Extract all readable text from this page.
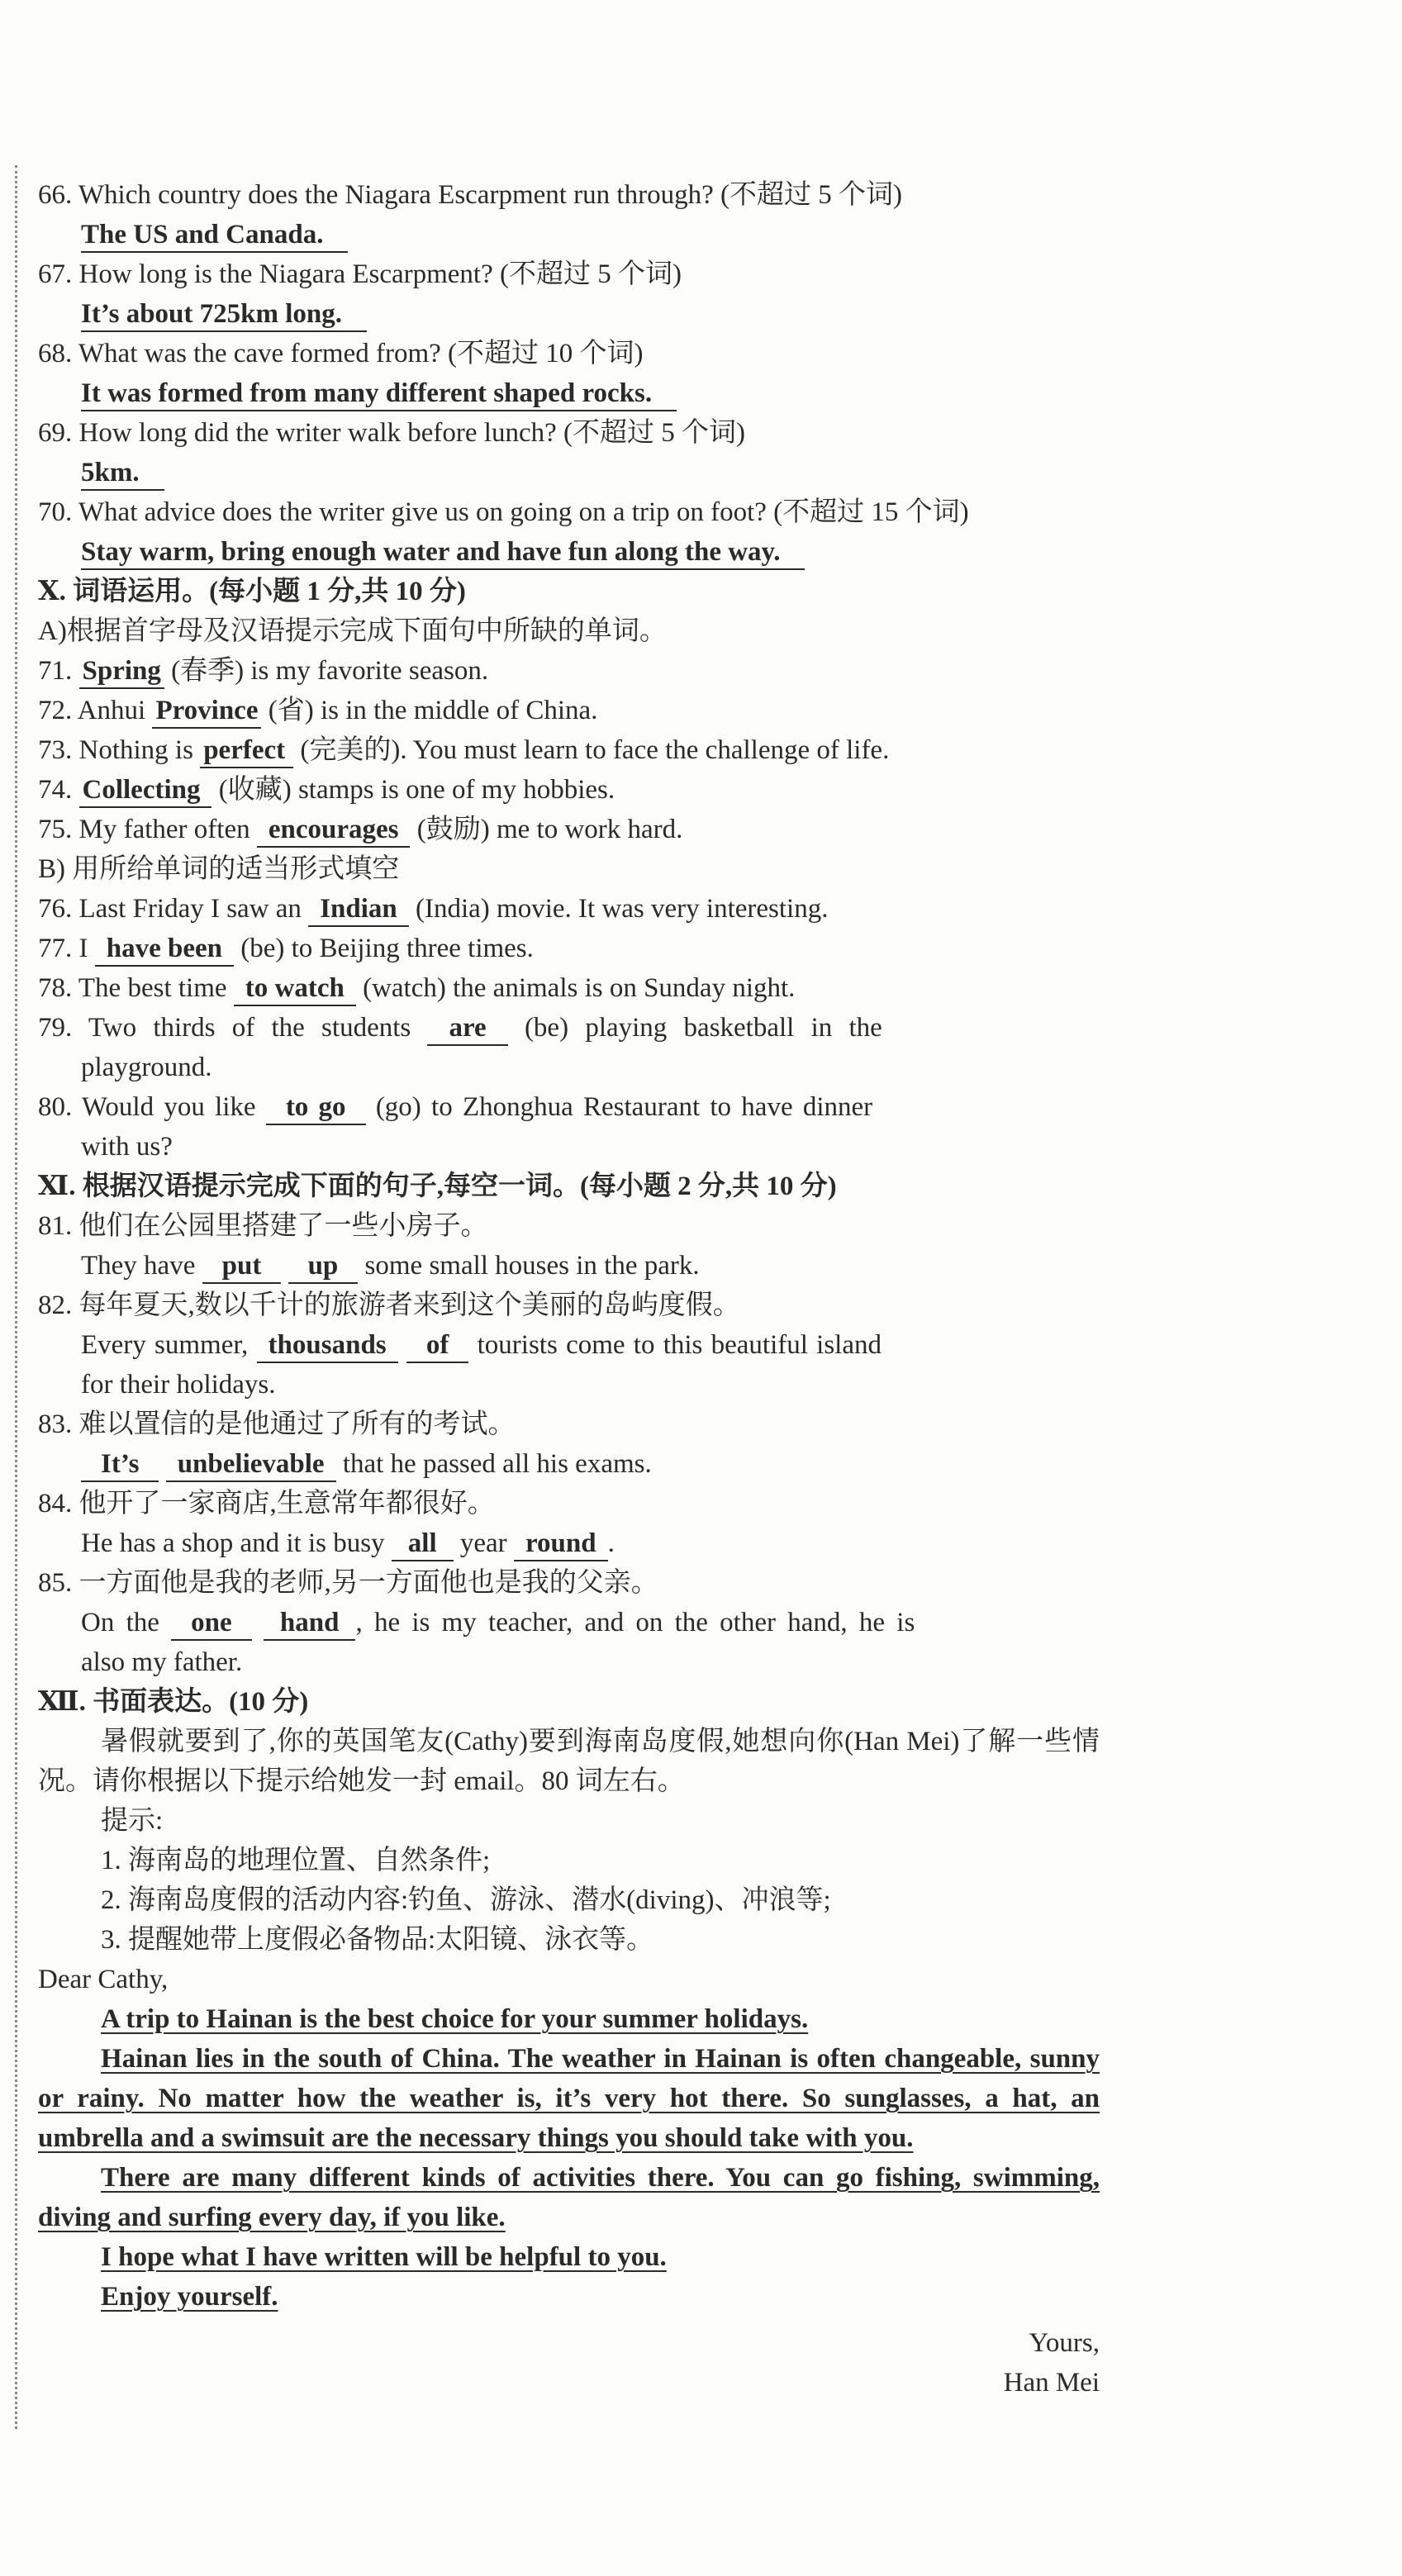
66. Which country does the Niagara Escarpment run through? (不超过 5 个词)
The US and Canada.
67. How long is the Niagara Escarpment? (不超过 5 个词)
It’s about 725km long.
68. What was the cave formed from? (不超过 10 个词)
It was formed from many different shaped rocks.
69. How long did the writer walk before lunch? (不超过 5 个词)
5km.
70. What advice does the writer give us on going on a trip on foot? (不超过 15 个词)
Stay warm, bring enough water and have fun along the way.
Ⅹ. 词语运用。(每小题 1 分,共 10 分)
A)根据首字母及汉语提示完成下面句中所缺的单词。
71. Spring (春季) is my favorite season.
72. Anhui Province (省) is in the middle of China.
73. Nothing is perfect (完美的). You must learn to face the challenge of life.
74. Collecting (收藏) stamps is one of my hobbies.
75. My father often encourages (鼓励) me to work hard.
B) 用所给单词的适当形式填空
76. Last Friday I saw an Indian (India) movie. It was very interesting.
77. I have been (be) to Beijing three times.
78. The best time to watch (watch) the animals is on Sunday night.
79. Two thirds of the students are (be) playing basketball in the
playground.
80. Would you like to go (go) to Zhonghua Restaurant to have dinner
with us?
Ⅺ. 根据汉语提示完成下面的句子,每空一词。(每小题 2 分,共 10 分)
81. 他们在公园里搭建了一些小房子。
They have put up some small houses in the park.
82. 每年夏天,数以千计的旅游者来到这个美丽的岛屿度假。
Every summer, thousands of tourists come to this beautiful island
for their holidays.
83. 难以置信的是他通过了所有的考试。
It’s unbelievable that he passed all his exams.
84. 他开了一家商店,生意常年都很好。
He has a shop and it is busy all year round .
85. 一方面他是我的老师,另一方面他也是我的父亲。
On the one hand , he is my teacher, and on the other hand, he is
also my father.
Ⅻ. 书面表达。(10 分)
暑假就要到了,你的英国笔友(Cathy)要到海南岛度假,她想向你(Han Mei)了解一些情况。请你根据以下提示给她发一封 email。80 词左右。
提示:
1. 海南岛的地理位置、自然条件;
2. 海南岛度假的活动内容:钓鱼、游泳、潜水(diving)、冲浪等;
3. 提醒她带上度假必备物品:太阳镜、泳衣等。
Dear Cathy,
A trip to Hainan is the best choice for your summer holidays.
Hainan lies in the south of China. The weather in Hainan is often changeable, sunny or rainy. No matter how the weather is, it’s very hot there. So sunglasses, a hat, an umbrella and a swimsuit are the necessary things you should take with you.
There are many different kinds of activities there. You can go fishing, swimming, diving and surfing every day, if you like.
I hope what I have written will be helpful to you.
Enjoy yourself.
Yours,
Han Mei
